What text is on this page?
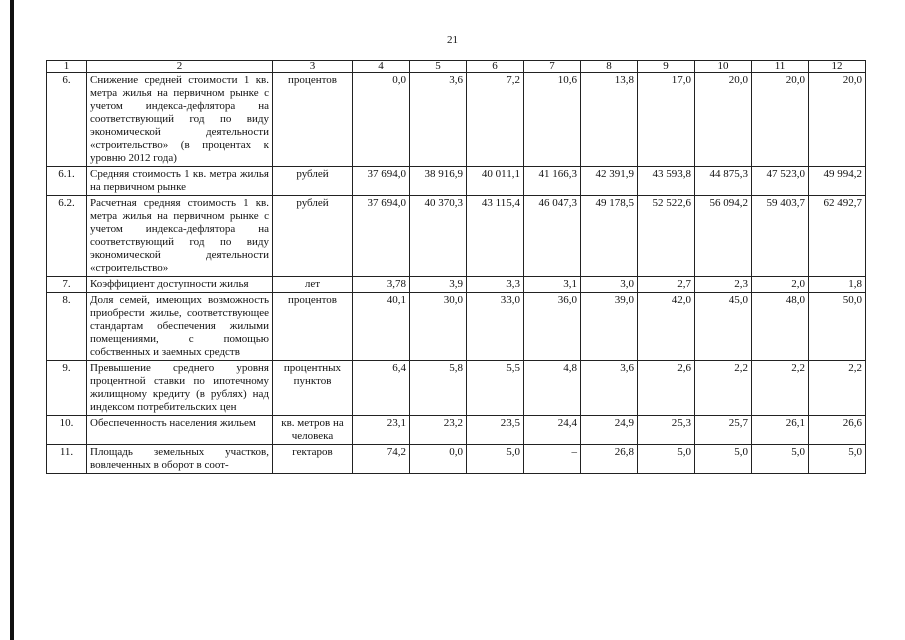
21
1	2	3	4	5	6	7	8	9	10	11	12
6.	Снижение средней стоимости 1 кв. метра жилья на первичном рынке с учетом индекса-дефлятора на соответствующий год по виду экономической деятельности «строительство» (в процентах к уровню 2012 года)	процентов	0,0	3,6	7,2	10,6	13,8	17,0	20,0	20,0	20,0
6.1.	Средняя стоимость 1 кв. метра жилья на первичном рынке	рублей	37 694,0	38 916,9	40 011,1	41 166,3	42 391,9	43 593,8	44 875,3	47 523,0	49 994,2
6.2.	Расчетная средняя стоимость 1 кв. метра жилья на первичном рынке с учетом индекса-дефлятора на соответствующий год по виду экономической деятельности «строительство»	рублей	37 694,0	40 370,3	43 115,4	46 047,3	49 178,5	52 522,6	56 094,2	59 403,7	62 492,7
7.	Коэффициент доступности жилья	лет	3,78	3,9	3,3	3,1	3,0	2,7	2,3	2,0	1,8
8.	Доля семей, имеющих возможность приобрести жилье, соответствующее стандартам обеспечения жилыми помещениями, с помощью собственных и заемных средств	процентов	40,1	30,0	33,0	36,0	39,0	42,0	45,0	48,0	50,0
9.	Превышение среднего уровня процентной ставки по ипотечному жилищному кредиту (в рублях) над индексом потребительских цен	процентных пунктов	6,4	5,8	5,5	4,8	3,6	2,6	2,2	2,2	2,2
10.	Обеспеченность населения жильем	кв. метров на человека	23,1	23,2	23,5	24,4	24,9	25,3	25,7	26,1	26,6
11.	Площадь земельных участков, вовлеченных в оборот в соот-	гектаров	74,2	0,0	5,0	–	26,8	5,0	5,0	5,0	5,0
